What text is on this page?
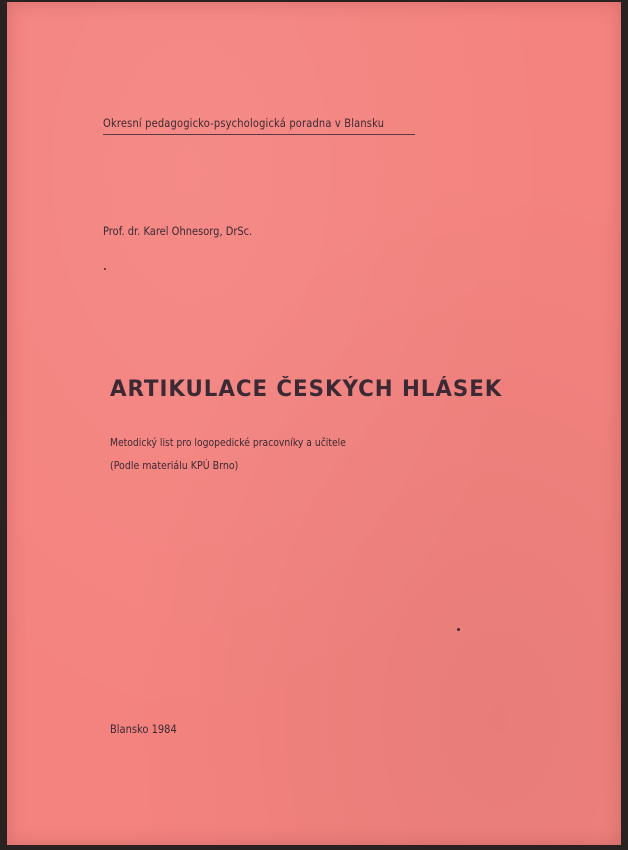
Okresní pedagogicko-psychologická poradna v Blansku
Prof. dr. Karel Ohnesorg, DrSc.
ARTIKULACE ČESKÝCH HLÁSEK
Metodický list pro logopedické pracovníky a učitele
(Podle materiálu KPÚ Brno)
Blansko 1984
